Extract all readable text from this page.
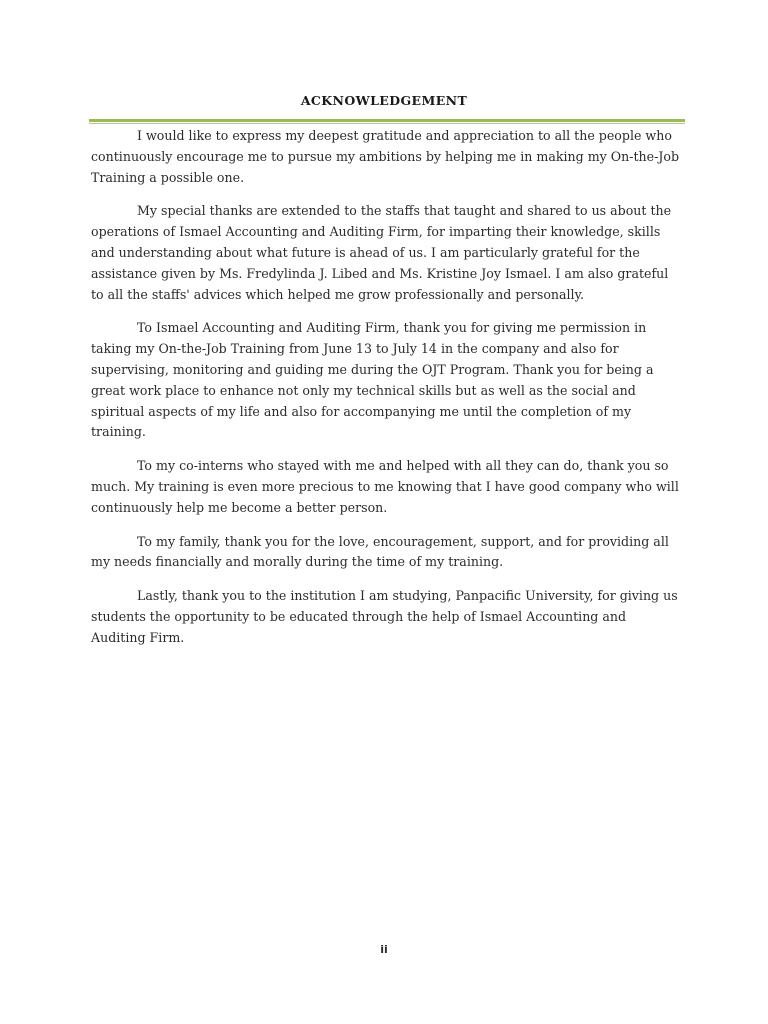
ACKNOWLEDGEMENT

I would like to express my deepest gratitude and appreciation to all the people who continuously encourage me to pursue my ambitions by helping me in making my On-the-Job Training a possible one.

My special thanks are extended to the staffs that taught and shared to us about the operations of Ismael Accounting and Auditing Firm, for imparting their knowledge, skills and understanding about what future is ahead of us. I am particularly grateful for the assistance given by Ms. Fredylinda J. Libed and Ms. Kristine Joy Ismael. I am also grateful to all the staffs' advices which helped me grow professionally and personally.

To Ismael Accounting and Auditing Firm, thank you for giving me permission in taking my On-the-Job Training from June 13 to July 14 in the company and also for supervising, monitoring and guiding me during the OJT Program. Thank you for being a great work place to enhance not only my technical skills but as well as the social and spiritual aspects of my life and also for accompanying me until the completion of my training.

To my co-interns who stayed with me and helped with all they can do, thank you so much. My training is even more precious to me knowing that I have good company who will continuously help me become a better person.

To my family, thank you for the love, encouragement, support, and for providing all my needs financially and morally during the time of my training.

Lastly, thank you to the institution I am studying, Panpacific University, for giving us students the opportunity to be educated through the help of Ismael Accounting and Auditing Firm.

ii
